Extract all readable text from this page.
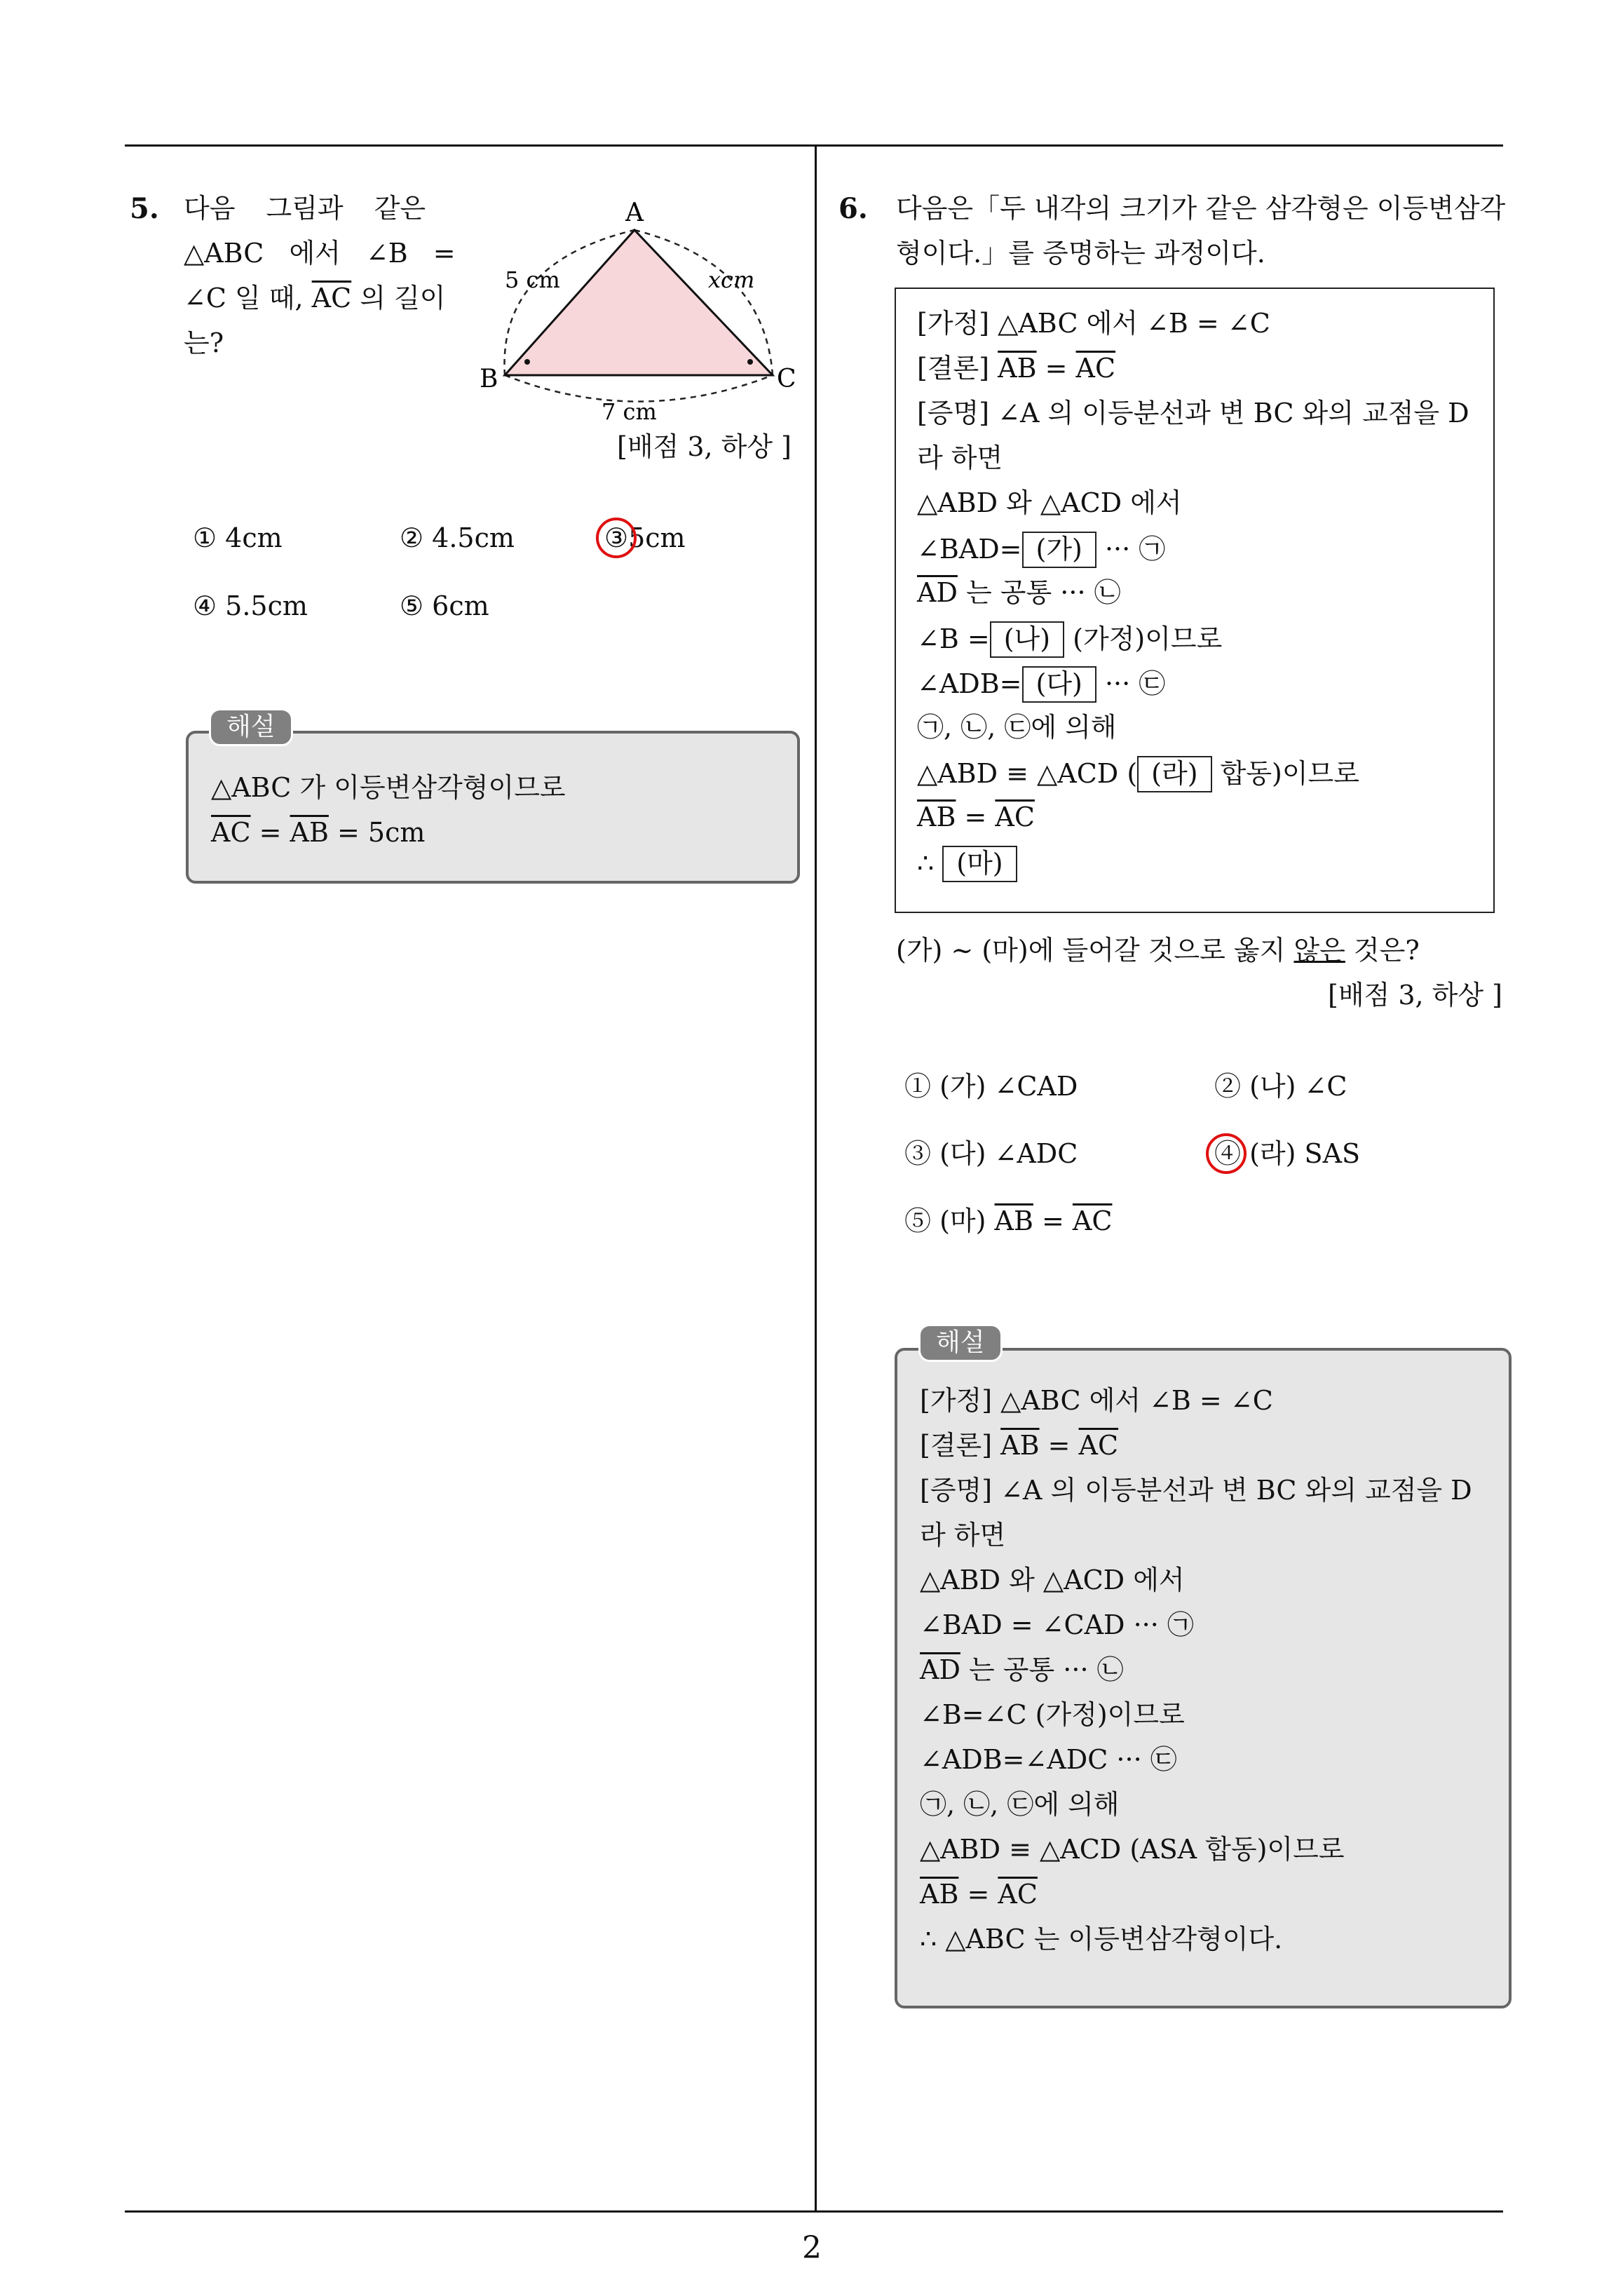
2
5. 다음 그림과 같은
△ABC 에서 ∠B =
∠C 일 때, $\overline{AC}$ 의 길이
는?
A
B	C
5 cm	xcm
7 cm
[배점 3, 하상 ]
① 4cm	② 4.5cm	③5cm
④ 5.5cm	⑤ 6cm
△ABC 가 이등변삼각형이므로
$\overline{AC} = \overline{AB} = 5cm$
해설
6. 다음은「두 내각의 크기가 같은 삼각형은 이등변삼각
형이다.」를 증명하는 과정이다.
[가정] △ABC 에서 ∠B = ∠C
[결론] $\overline{AB} = \overline{AC}$
[증명] ∠A 의 이등분선과 변 BC 와의 교점을 D
라 하면
△ABD 와 △ACD 에서
∠BAD= (가) ··· ㉠
$\overline{AD}$ 는 공통 ··· ㉡
∠B = (나) (가정)이므로
∠ADB= (다) ··· ㉢
㉠, ㉡, ㉢에 의해
△ABD ≡ △ACD ( (라) 합동)이므로
$\overline{AB} = \overline{AC}$
∴ (마)
(가) ~ (마)에 들어갈 것으로 옳지 않은 것은?
[배점 3, 하상 ]
① (가) ∠CAD	② (나) ∠C
③ (다) ∠ADC	④ (라) SAS
⑤ (마) $\overline{AB} = \overline{AC}$
[가정] △ABC 에서 ∠B = ∠C
[결론] $\overline{AB} = \overline{AC}$
[증명] ∠A 의 이등분선과 변 BC 와의 교점을 D
라 하면
△ABD 와 △ACD 에서
∠BAD = ∠CAD ··· ㉠
$\overline{AD}$ 는 공통 ··· ㉡
∠B=∠C (가정)이므로
∠ADB=∠ADC ··· ㉢
㉠, ㉡, ㉢에 의해
△ABD ≡ △ACD (ASA 합동)이므로
$\overline{AB} = \overline{AC}$
∴ △ABC 는 이등변삼각형이다.
해설
